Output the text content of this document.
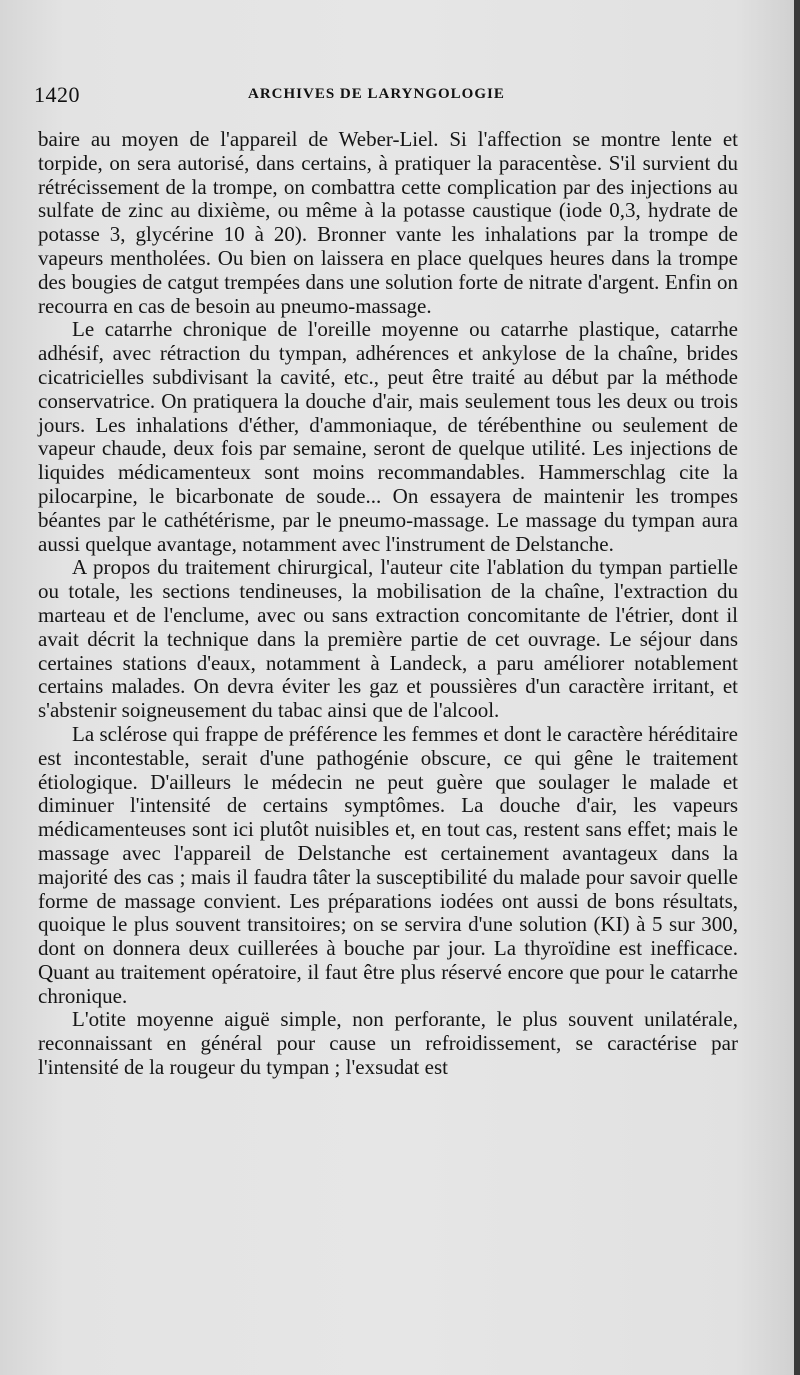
1420	ARCHIVES DE LARYNGOLOGIE

baire au moyen de l'appareil de Weber-Liel. Si l'affection se montre lente et torpide, on sera autorisé, dans certains, à pratiquer la paracentèse. S'il survient du rétrécissement de la trompe, on combattra cette complication par des injections au sulfate de zinc au dixième, ou même à la potasse caustique (iode 0,3, hydrate de potasse 3, glycérine 10 à 20). Bronner vante les inhalations par la trompe de vapeurs mentholées. Ou bien on laissera en place quelques heures dans la trompe des bougies de catgut trempées dans une solution forte de nitrate d'argent. Enfin on recourra en cas de besoin au pneumo-massage.

Le catarrhe chronique de l'oreille moyenne ou catarrhe plastique, catarrhe adhésif, avec rétraction du tympan, adhérences et ankylose de la chaîne, brides cicatricielles subdivisant la cavité, etc., peut être traité au début par la méthode conservatrice. On pratiquera la douche d'air, mais seulement tous les deux ou trois jours. Les inhalations d'éther, d'ammoniaque, de térébenthine ou seulement de vapeur chaude, deux fois par semaine, seront de quelque utilité. Les injections de liquides médicamenteux sont moins recommandables. Hammerschlag cite la pilocarpine, le bicarbonate de soude... On essayera de maintenir les trompes béantes par le cathétérisme, par le pneumo-massage. Le massage du tympan aura aussi quelque avantage, notamment avec l'instrument de Delstanche.

A propos du traitement chirurgical, l'auteur cite l'ablation du tympan partielle ou totale, les sections tendineuses, la mobilisation de la chaîne, l'extraction du marteau et de l'enclume, avec ou sans extraction concomitante de l'étrier, dont il avait décrit la technique dans la première partie de cet ouvrage. Le séjour dans certaines stations d'eaux, notamment à Landeck, a paru améliorer notablement certains malades. On devra éviter les gaz et poussières d'un caractère irritant, et s'abstenir soigneusement du tabac ainsi que de l'alcool.

La sclérose qui frappe de préférence les femmes et dont le caractère héréditaire est incontestable, serait d'une pathogénie obscure, ce qui gêne le traitement étiologique. D'ailleurs le médecin ne peut guère que soulager le malade et diminuer l'intensité de certains symptômes. La douche d'air, les vapeurs médicamenteuses sont ici plutôt nuisibles et, en tout cas, restent sans effet; mais le massage avec l'appareil de Delstanche est certainement avantageux dans la majorité des cas ; mais il faudra tâter la susceptibilité du malade pour savoir quelle forme de massage convient. Les préparations iodées ont aussi de bons résultats, quoique le plus souvent transitoires; on se servira d'une solution (KI) à 5 sur 300, dont on donnera deux cuillerées à bouche par jour. La thyroïdine est inefficace. Quant au traitement opératoire, il faut être plus réservé encore que pour le catarrhe chronique.

L'otite moyenne aiguë simple, non perforante, le plus souvent unilatérale, reconnaissant en général pour cause un refroidissement, se caractérise par l'intensité de la rougeur du tympan ; l'exsudat est
